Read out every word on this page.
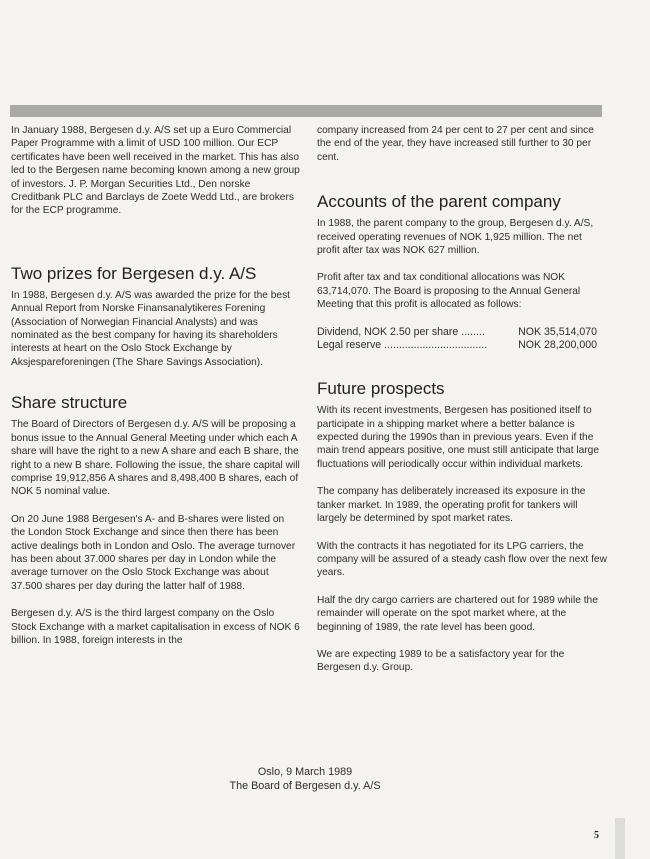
In January 1988, Bergesen d.y. A/S set up a Euro Commercial Paper Programme with a limit of USD 100 million. Our ECP certificates have been well received in the market. This has also led to the Bergesen name becoming known among a new group of investors. J. P. Morgan Securities Ltd., Den norske Creditbank PLC and Barclays de Zoete Wedd Ltd., are brokers for the ECP programme.

Two prizes for Bergesen d.y. A/S

In 1988, Bergesen d.y. A/S was awarded the prize for the best Annual Report from Norske Finansanalytikeres Forening (Association of Norwegian Financial Analysts) and was nominated as the best company for having its shareholders interests at heart on the Oslo Stock Exchange by Aksjespareforeningen (The Share Savings Association).

Share structure

The Board of Directors of Bergesen d.y. A/S will be proposing a bonus issue to the Annual General Meeting under which each A share will have the right to a new A share and each B share, the right to a new B share. Following the issue, the share capital will comprise 19,912,856 A shares and 8,498,400 B shares, each of NOK 5 nominal value.

On 20 June 1988 Bergesen's A- and B-shares were listed on the London Stock Exchange and since then there has been active dealings both in London and Oslo. The average turnover has been about 37.000 shares per day in London while the average turnover on the Oslo Stock Exchange was about 37.500 shares per day during the latter half of 1988.

Bergesen d.y. A/S is the third largest company on the Oslo Stock Exchange with a market capitalisation in excess of NOK 6 billion. In 1988, foreign interests in the

company increased from 24 per cent to 27 per cent and since the end of the year, they have increased still further to 30 per cent.

Accounts of the parent company

In 1988, the parent company to the group, Bergesen d.y. A/S, received operating revenues of NOK 1,925 million. The net profit after tax was NOK 627 million.

Profit after tax and tax conditional allocations was NOK 63,714,070. The Board is proposing to the Annual General Meeting that this profit is allocated as follows:

Dividend, NOK 2.50 per share ........	NOK 35,514,070
Legal reserve ...................................	NOK 28,200,000
Future prospects

With its recent investments, Bergesen has positioned itself to participate in a shipping market where a better balance is expected during the 1990s than in previous years. Even if the main trend appears positive, one must still anticipate that large fluctuations will periodically occur within individual markets.

The company has deliberately increased its exposure in the tanker market. In 1989, the operating profit for tankers will largely be determined by spot market rates.

With the contracts it has negotiated for its LPG carriers, the company will be assured of a steady cash flow over the next few years.

Half the dry cargo carriers are chartered out for 1989 while the remainder will operate on the spot market where, at the beginning of 1989, the rate level has been good.

We are expecting 1989 to be a satisfactory year for the Bergesen d.y. Group.

Oslo, 9 March 1989
The Board of Bergesen d.y. A/S
5
